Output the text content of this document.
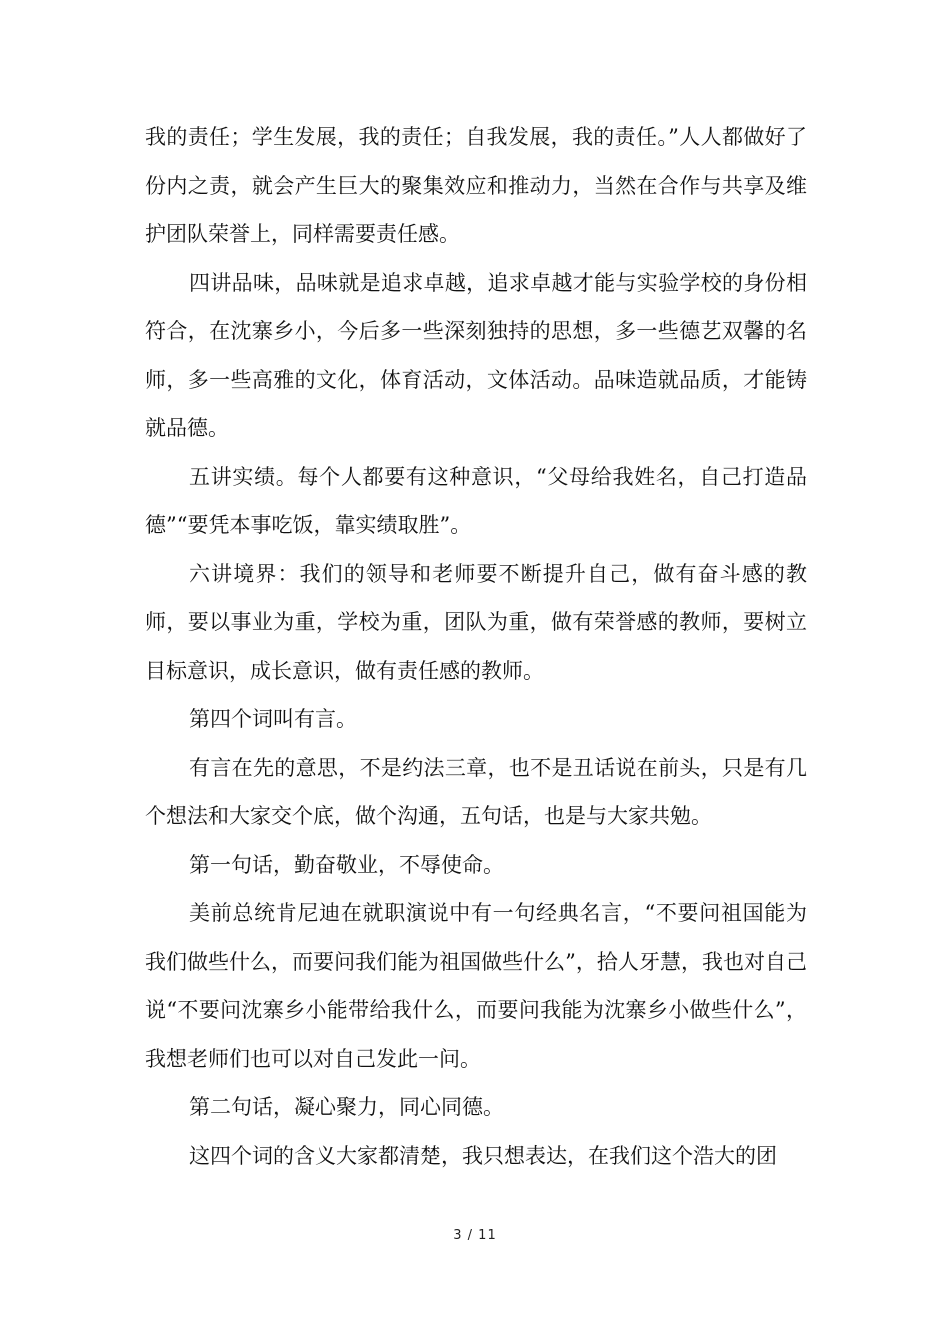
我的责任；学生发展，我的责任；自我发展，我的责任。”人人都做好了份内之责，就会产生巨大的聚集效应和推动力，当然在合作与共享及维护团队荣誉上，同样需要责任感。

四讲品味，品味就是追求卓越，追求卓越才能与实验学校的身份相符合，在沈寨乡小，今后多一些深刻独持的思想，多一些德艺双馨的名师，多一些高雅的文化，体育活动，文体活动。品味造就品质，才能铸就品德。

五讲实绩。每个人都要有这种意识，“父母给我姓名，自己打造品德”“要凭本事吃饭，靠实绩取胜”。

六讲境界：我们的领导和老师要不断提升自己，做有奋斗感的教师，要以事业为重，学校为重，团队为重，做有荣誉感的教师，要树立目标意识，成长意识，做有责任感的教师。

第四个词叫有言。

有言在先的意思，不是约法三章，也不是丑话说在前头，只是有几个想法和大家交个底，做个沟通，五句话，也是与大家共勉。

第一句话，勤奋敬业，不辱使命。

美前总统肯尼迪在就职演说中有一句经典名言，“不要问祖国能为我们做些什么，而要问我们能为祖国做些什么”，拾人牙慧，我也对自己说“不要问沈寨乡小能带给我什么，而要问我能为沈寨乡小做些什么”，我想老师们也可以对自己发此一问。

第二句话，凝心聚力，同心同德。

这四个词的含义大家都清楚，我只想表达，在我们这个浩大的团

3 / 11
